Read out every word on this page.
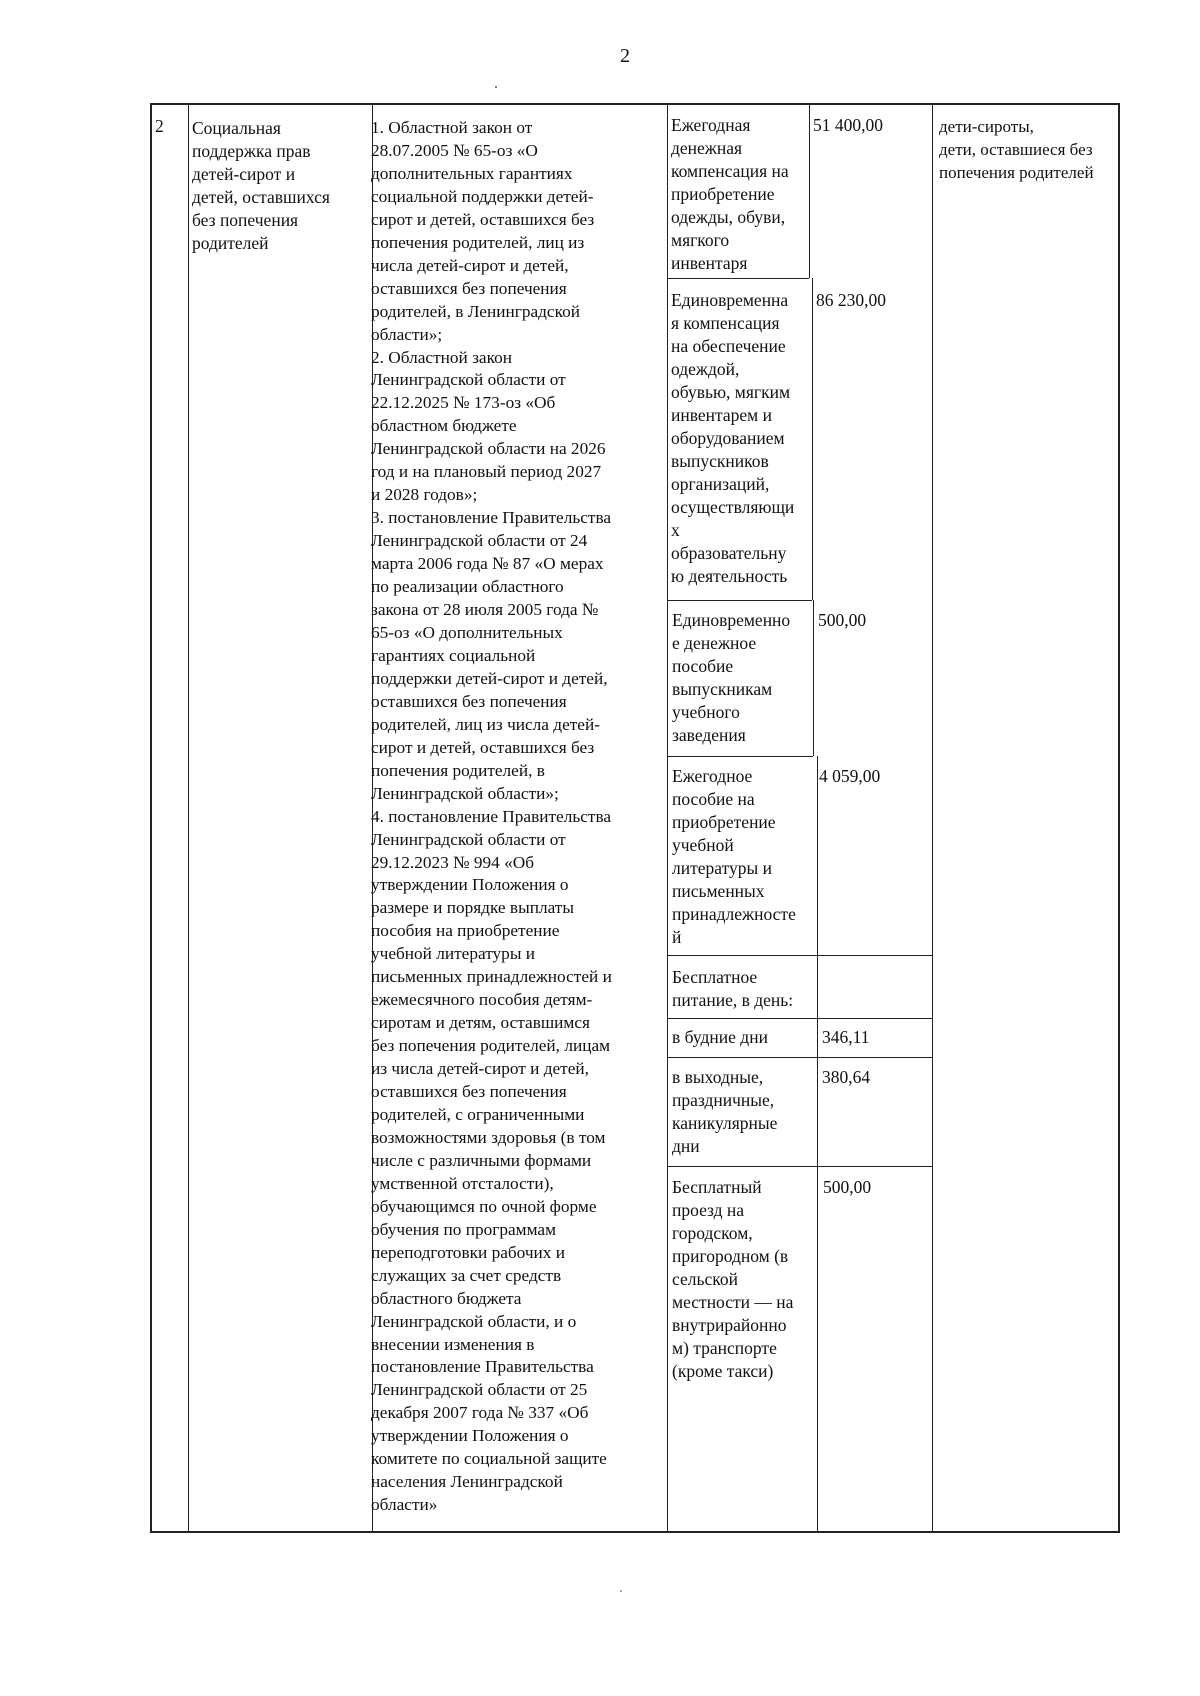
2
2	Социальная
поддержка прав
детей-сирот и
детей, оставшихся
без попечения
родителей
1. Областной закон от
28.07.2005 № 65-оз «О
дополнительных гарантиях
социальной поддержки детей-
сирот и детей, оставшихся без
попечения родителей, лиц из
числа детей-сирот и детей,
оставшихся без попечения
родителей, в Ленинградской
области»;
2. Областной закон
Ленинградской области от
22.12.2025 № 173-оз «Об
областном бюджете
Ленинградской области на 2026
год и на плановый период 2027
и 2028 годов»;
3. постановление Правительства
Ленинградской области от 24
марта 2006 года № 87 «О мерах
по реализации областного
закона от 28 июля 2005 года №
65-оз «О дополнительных
гарантиях социальной
поддержки детей-сирот и детей,
оставшихся без попечения
родителей, лиц из числа детей-
сирот и детей, оставшихся без
попечения родителей, в
Ленинградской области»;
4. постановление Правительства
Ленинградской области от
29.12.2023 № 994 «Об
утверждении Положения о
размере и порядке выплаты
пособия на приобретение
учебной литературы и
письменных принадлежностей и
ежемесячного пособия детям-
сиротам и детям, оставшимся
без попечения родителей, лицам
из числа детей-сирот и детей,
оставшихся без попечения
родителей, с ограниченными
возможностями здоровья (в том
числе с различными формами
умственной отсталости),
обучающимся по очной форме
обучения по программам
переподготовки рабочих и
служащих за счет средств
областного бюджета
Ленинградской области, и о
внесении изменения в
постановление Правительства
Ленинградской области от 25
декабря 2007 года № 337 «Об
утверждении Положения о
комитете по социальной защите
населения Ленинградской
области»
Ежегодная
денежная
компенсация на
приобретение
одежды, обуви,
мягкого
инвентаря
51 400,00
Единовременна
я компенсация
на обеспечение
одеждой,
обувью, мягким
инвентарем и
оборудованием
выпускников
организаций,
осуществляющи
х
образовательну
ю деятельность
86 230,00
Единовременно
е денежное
пособие
выпускникам
учебного
заведения
500,00
Ежегодное
пособие на
приобретение
учебной
литературы и
письменных
принадлежносте
й
4 059,00
Бесплатное
питание, в день:
в будние дни	346,11
в выходные,
праздничные,
каникулярные
дни
380,64
Бесплатный
проезд на
городском,
пригородном (в
сельской
местности — на
внутрирайонно
м) транспорте
(кроме такси)
500,00
дети-сироты,
дети, оставшиеся без
попечения родителей
